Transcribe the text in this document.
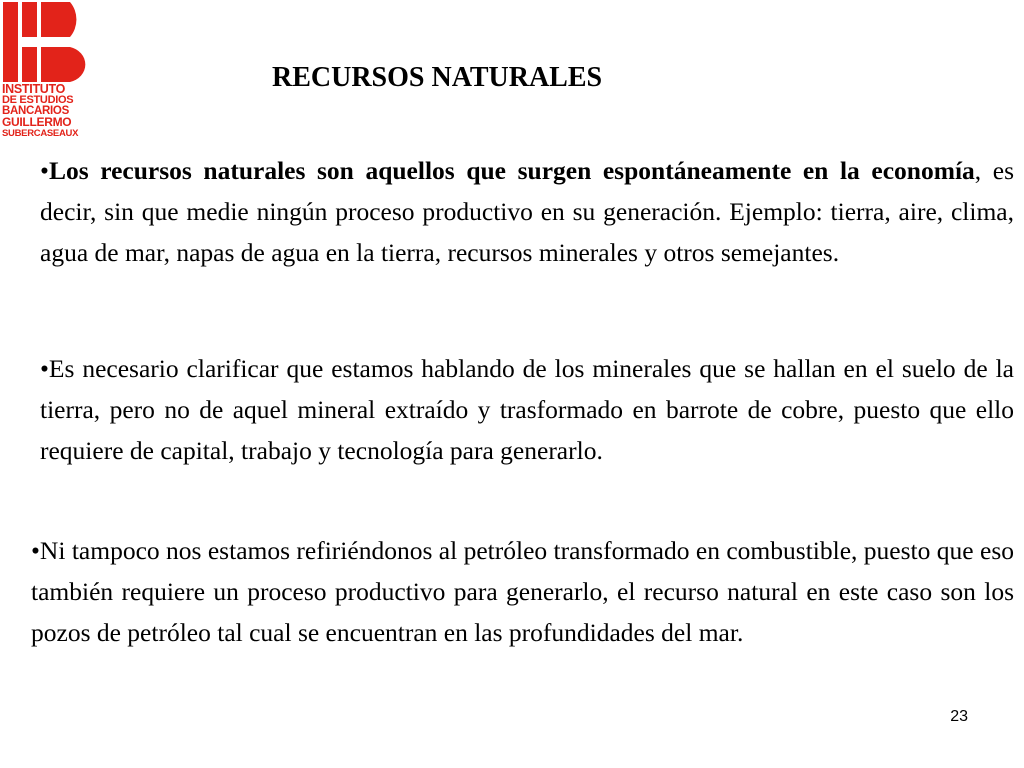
INSTITUTO
DE ESTUDIOS
BANCARIOS
GUILLERMO
SUBERCASEAUX
RECURSOS NATURALES

•Los recursos naturales son aquellos que surgen espontáneamente en la economía, es decir, sin que medie ningún proceso productivo en su generación. Ejemplo: tierra, aire, clima, agua de mar, napas de agua en la tierra, recursos minerales y otros semejantes.

•Es necesario clarificar que estamos hablando de los minerales que se hallan en el suelo de la tierra, pero no de aquel mineral extraído y trasformado en barrote de cobre, puesto que ello requiere de capital, trabajo y tecnología para generarlo.

•Ni tampoco nos estamos refiriéndonos al petróleo transformado en combustible, puesto que eso también requiere un proceso productivo para generarlo, el recurso natural en este caso son los pozos de petróleo tal cual se encuentran en las profundidades del mar.

23
